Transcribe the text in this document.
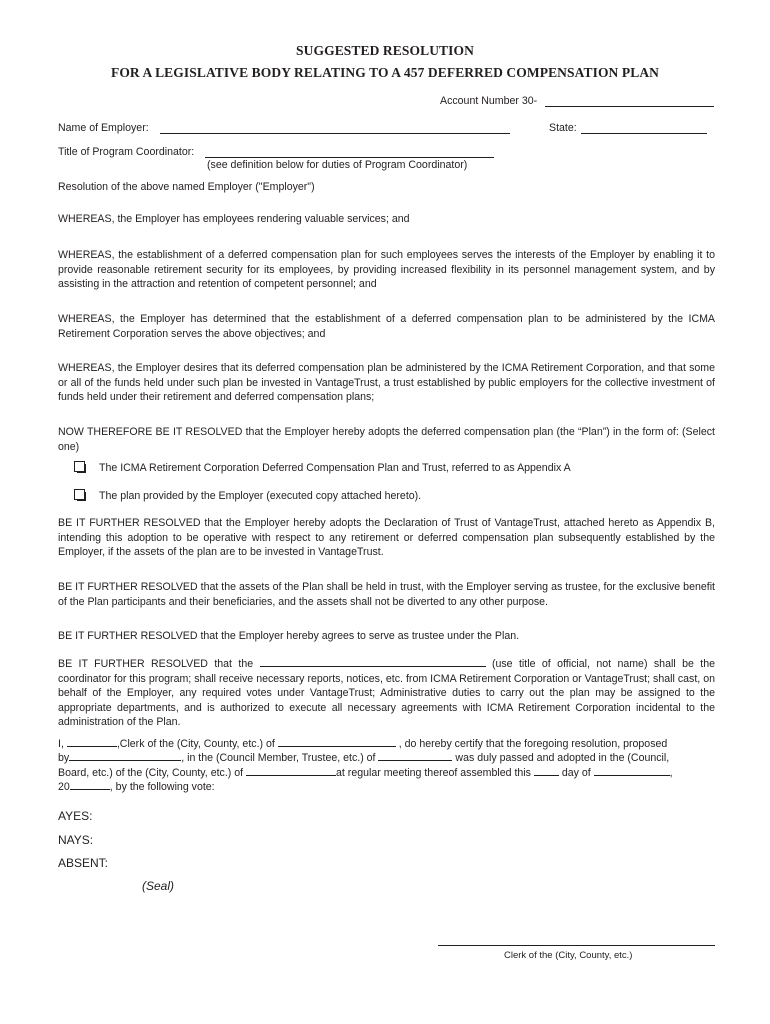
SUGGESTED RESOLUTION
FOR A LEGISLATIVE BODY RELATING TO A 457 DEFERRED COMPENSATION PLAN
Account Number 30-
Name of Employer:	State:
Title of Program Coordinator:
(see definition below for duties of Program Coordinator)
Resolution of the above named Employer ("Employer")
WHEREAS, the Employer has employees rendering valuable services; and
WHEREAS, the establishment of a deferred compensation plan for such employees serves the interests of the Employer by enabling it to provide reasonable retirement security for its employees, by providing increased flexibility in its personnel management system, and by assisting in the attraction and retention of competent personnel; and
WHEREAS, the Employer has determined that the establishment of a deferred compensation plan to be administered by the ICMA Retirement Corporation serves the above objectives; and
WHEREAS, the Employer desires that its deferred compensation plan be administered by the ICMA Retirement Corporation, and that some or all of the funds held under such plan be invested in VantageTrust, a trust established by public employers for the collective investment of funds held under their retirement and deferred compensation plans;
NOW THEREFORE BE IT RESOLVED that the Employer hereby adopts the deferred compensation plan (the “Plan”) in the form of: (Select one)
The ICMA Retirement Corporation Deferred Compensation Plan and Trust, referred to as Appendix A
The plan provided by the Employer (executed copy attached hereto).
BE IT FURTHER RESOLVED that the Employer hereby adopts the Declaration of Trust of VantageTrust, attached hereto as Appendix B, intending this adoption to be operative with respect to any retirement or deferred compensation plan subsequently established by the Employer, if the assets of the plan are to be invested in VantageTrust.
BE IT FURTHER RESOLVED that the assets of the Plan shall be held in trust, with the Employer serving as trustee, for the exclusive benefit of the Plan participants and their beneficiaries, and the assets shall not be diverted to any other purpose.
BE IT FURTHER RESOLVED that the Employer hereby agrees to serve as trustee under the Plan.
BE IT FURTHER RESOLVED that the	(use title of official, not name) shall be the coordinator for this program; shall receive necessary reports, notices, etc. from ICMA Retirement Corporation or VantageTrust; shall cast, on behalf of the Employer, any required votes under VantageTrust; Administrative duties to carry out the plan may be assigned to the appropriate departments, and is authorized to execute all necessary agreements with ICMA Retirement Corporation incidental to the administration of the Plan.
I,	,Clerk of the (City, County, etc.) of	, do hereby certify that the foregoing resolution, proposed
by	, in the (Council Member, Trustee, etc.) of	was duly passed and adopted in the (Council,
Board, etc.) of the (City, County, etc.) of	at regular meeting thereof assembled this	day of	,
20	, by the following vote:
AYES:
NAYS:
ABSENT:
(Seal)
Clerk of the (City, County, etc.)
